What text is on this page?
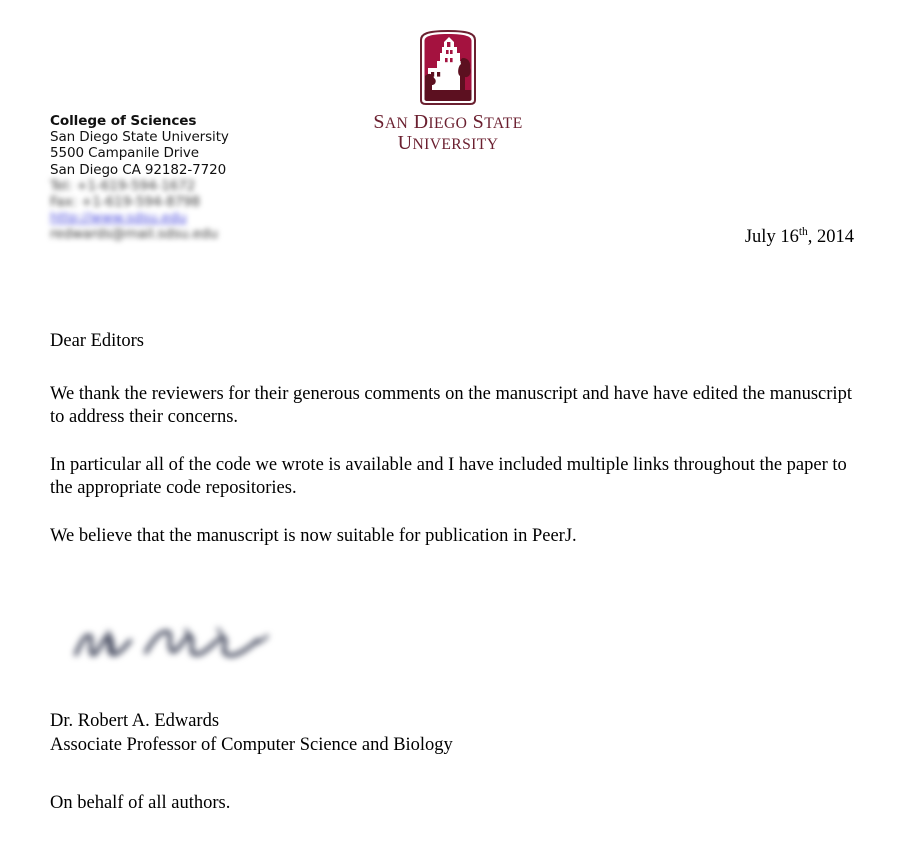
College of Sciences
San Diego State University
5500 Campanile Drive
San Diego CA 92182-7720
Tel: +1-619-594-1672
Fax: +1-619-594-8798
http://www.sdsu.edu
redwards@mail.sdsu.edu
SAN DIEGO STATE
UNIVERSITY
July 16th, 2014

Dear Editors

We thank the reviewers for their generous comments on the manuscript and have have edited the manuscript to address their concerns.

In particular all of the code we wrote is available and I have included multiple links throughout the paper to the appropriate code repositories.

We believe that the manuscript is now suitable for publication in PeerJ.

Dr. Robert A. Edwards
Associate Professor of Computer Science and Biology
On behalf of all authors.
